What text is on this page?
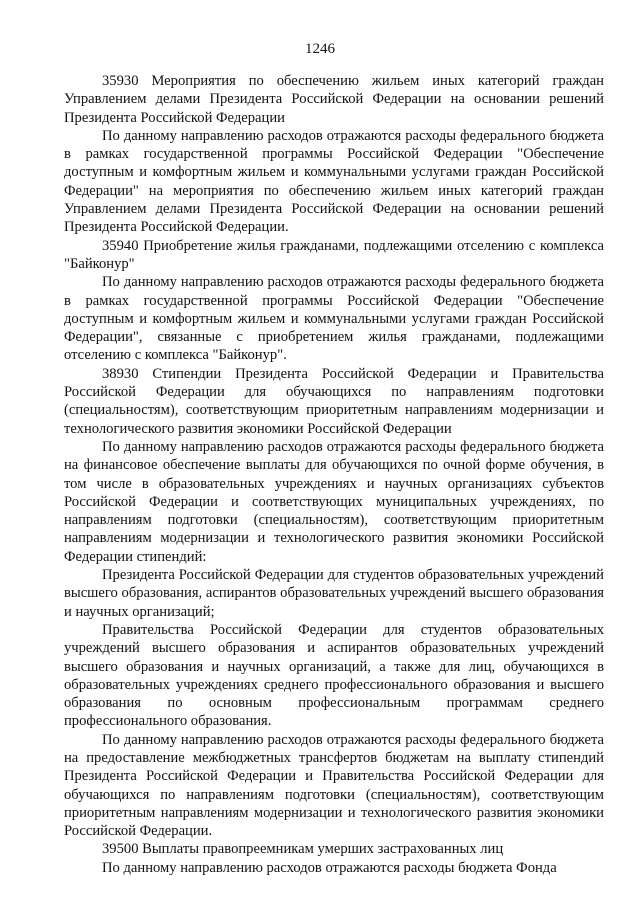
1246

35930 Мероприятия по обеспечению жильем иных категорий граждан Управлением делами Президента Российской Федерации на основании решений Президента Российской Федерации

По данному направлению расходов отражаются расходы федерального бюджета в рамках государственной программы Российской Федерации "Обеспечение доступным и комфортным жильем и коммунальными услугами граждан Российской Федерации" на мероприятия по обеспечению жильем иных категорий граждан Управлением делами Президента Российской Федерации на основании решений Президента Российской Федерации.

35940 Приобретение жилья гражданами, подлежащими отселению с комплекса "Байконур"

По данному направлению расходов отражаются расходы федерального бюджета в рамках государственной программы Российской Федерации "Обеспечение доступным и комфортным жильем и коммунальными услугами граждан Российской Федерации", связанные с приобретением жилья гражданами, подлежащими отселению с комплекса "Байконур".

38930 Стипендии Президента Российской Федерации и Правительства Российской Федерации для обучающихся по направлениям подготовки (специальностям), соответствующим приоритетным направлениям модернизации и технологического развития экономики Российской Федерации

По данному направлению расходов отражаются расходы федерального бюджета на финансовое обеспечение выплаты для обучающихся по очной форме обучения, в том числе в образовательных учреждениях и научных организациях субъектов Российской Федерации и соответствующих муниципальных учреждениях, по направлениям подготовки (специальностям), соответствующим приоритетным направлениям модернизации и технологического развития экономики Российской Федерации стипендий:

Президента Российской Федерации для студентов образовательных учреждений высшего образования, аспирантов образовательных учреждений высшего образования и научных организаций;

Правительства Российской Федерации для студентов образовательных учреждений высшего образования и аспирантов образовательных учреждений высшего образования и научных организаций, а также для лиц, обучающихся в образовательных учреждениях среднего профессионального образования и высшего образования по основным профессиональным программам среднего профессионального образования.

По данному направлению расходов отражаются расходы федерального бюджета на предоставление межбюджетных трансфертов бюджетам на выплату стипендий Президента Российской Федерации и Правительства Российской Федерации для обучающихся по направлениям подготовки (специальностям), соответствующим приоритетным направлениям модернизации и технологического развития экономики Российской Федерации.

39500 Выплаты правопреемникам умерших застрахованных лиц

По данному направлению расходов отражаются расходы бюджета Фонда
